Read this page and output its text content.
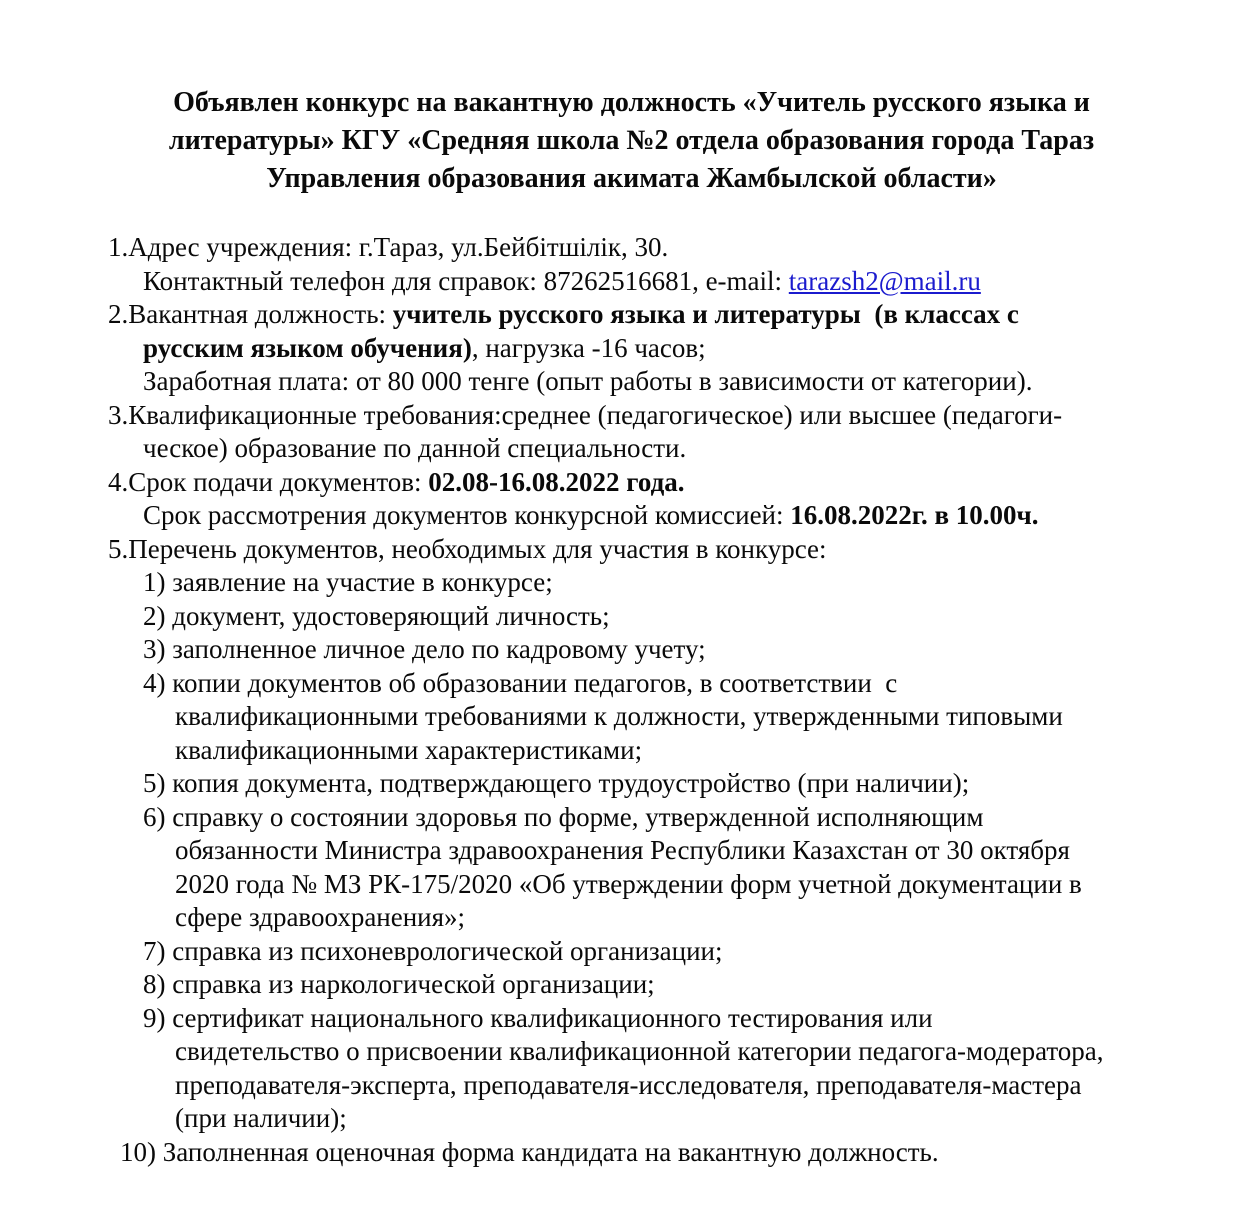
Объявлен конкурс на вакантную должность «Учитель русского языка и
литературы» КГУ «Средняя школа №2 отдела образования города Тараз
Управления образования акимата Жамбылской области»
1.Адрес учреждения: г.Тараз, ул.Бейбітшілік, 30.
Контактный телефон для справок: 87262516681, e-mail: tarazsh2@mail.ru
2.Вакантная должность: учитель русского языка и литературы  (в классах с
русским языком обучения), нагрузка -16 часов;
Заработная плата: от 80 000 тенге (опыт работы в зависимости от категории).
3.Квалификационные требования:среднее (педагогическое) или высшее (педагоги-
ческое) образование по данной специальности.
4.Срок подачи документов: 02.08-16.08.2022 года.
Срок рассмотрения документов конкурсной комиссией: 16.08.2022г. в 10.00ч.
5.Перечень документов, необходимых для участия в конкурсе:
1) заявление на участие в конкурсе;
2) документ, удостоверяющий личность;
3) заполненное личное дело по кадровому учету;
4) копии документов об образовании педагогов, в соответствии  с
квалификационными требованиями к должности, утвержденными типовыми
квалификационными характеристиками;
5) копия документа, подтверждающего трудоустройство (при наличии);
6) справку о состоянии здоровья по форме, утвержденной исполняющим
обязанности Министра здравоохранения Республики Казахстан от 30 октября
2020 года № МЗ РК-175/2020 «Об утверждении форм учетной документации в
сфере здравоохранения»;
7) справка из психоневрологической организации;
8) справка из наркологической организации;
9) сертификат национального квалификационного тестирования или
свидетельство о присвоении квалификационной категории педагога-модератора,
преподавателя-эксперта, преподавателя-исследователя, преподавателя-мастера
(при наличии);
10) Заполненная оценочная форма кандидата на вакантную должность.
